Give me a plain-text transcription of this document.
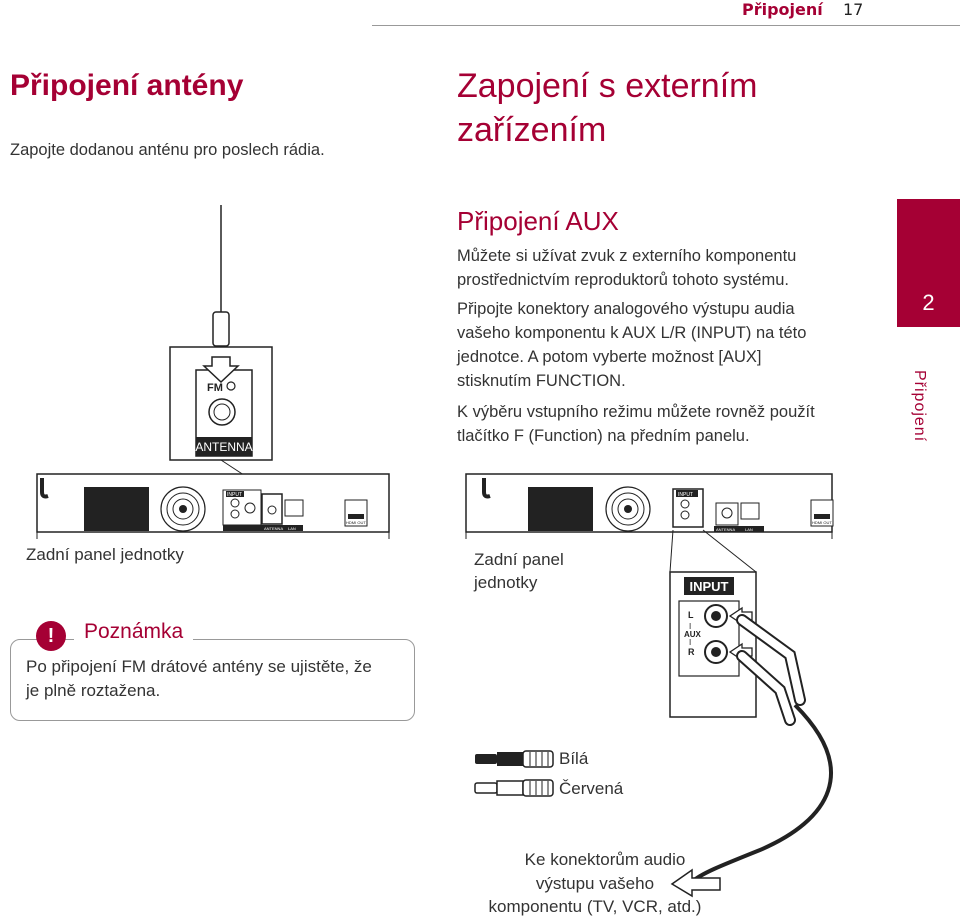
Připojení 17
2
Připojení
Připojení antény
Zapojte dodanou anténu pro poslech rádia.
Zapojení s externím
zařízením
Připojení AUX
Můžete si užívat zvuk z externího komponentu
prostřednictvím reproduktorů tohoto systému.
Připojte konektory analogového výstupu audia
vašeho komponentu k AUX L/R (INPUT) na této
jednotce. A potom vyberte možnost [AUX]
stisknutím FUNCTION.
K výběru vstupního režimu můžete rovněž použít
tlačítko F (Function) na předním panelu.
FM
ANTENNA
INPUT
ANTENNA LAN
HDMI OUT
INPUT
ANTENNA LAN
HDMI OUT
INPUT
L
I
AUX
I
R
Zadní panel jednotky	Zadní panel
jednotky
Bílá
Červená
Ke konektorům audio
výstupu vašeho
komponentu (TV, VCR, atd.)
Poznámka
!
Po připojení FM drátové antény se ujistěte, že
je plně roztažena.
